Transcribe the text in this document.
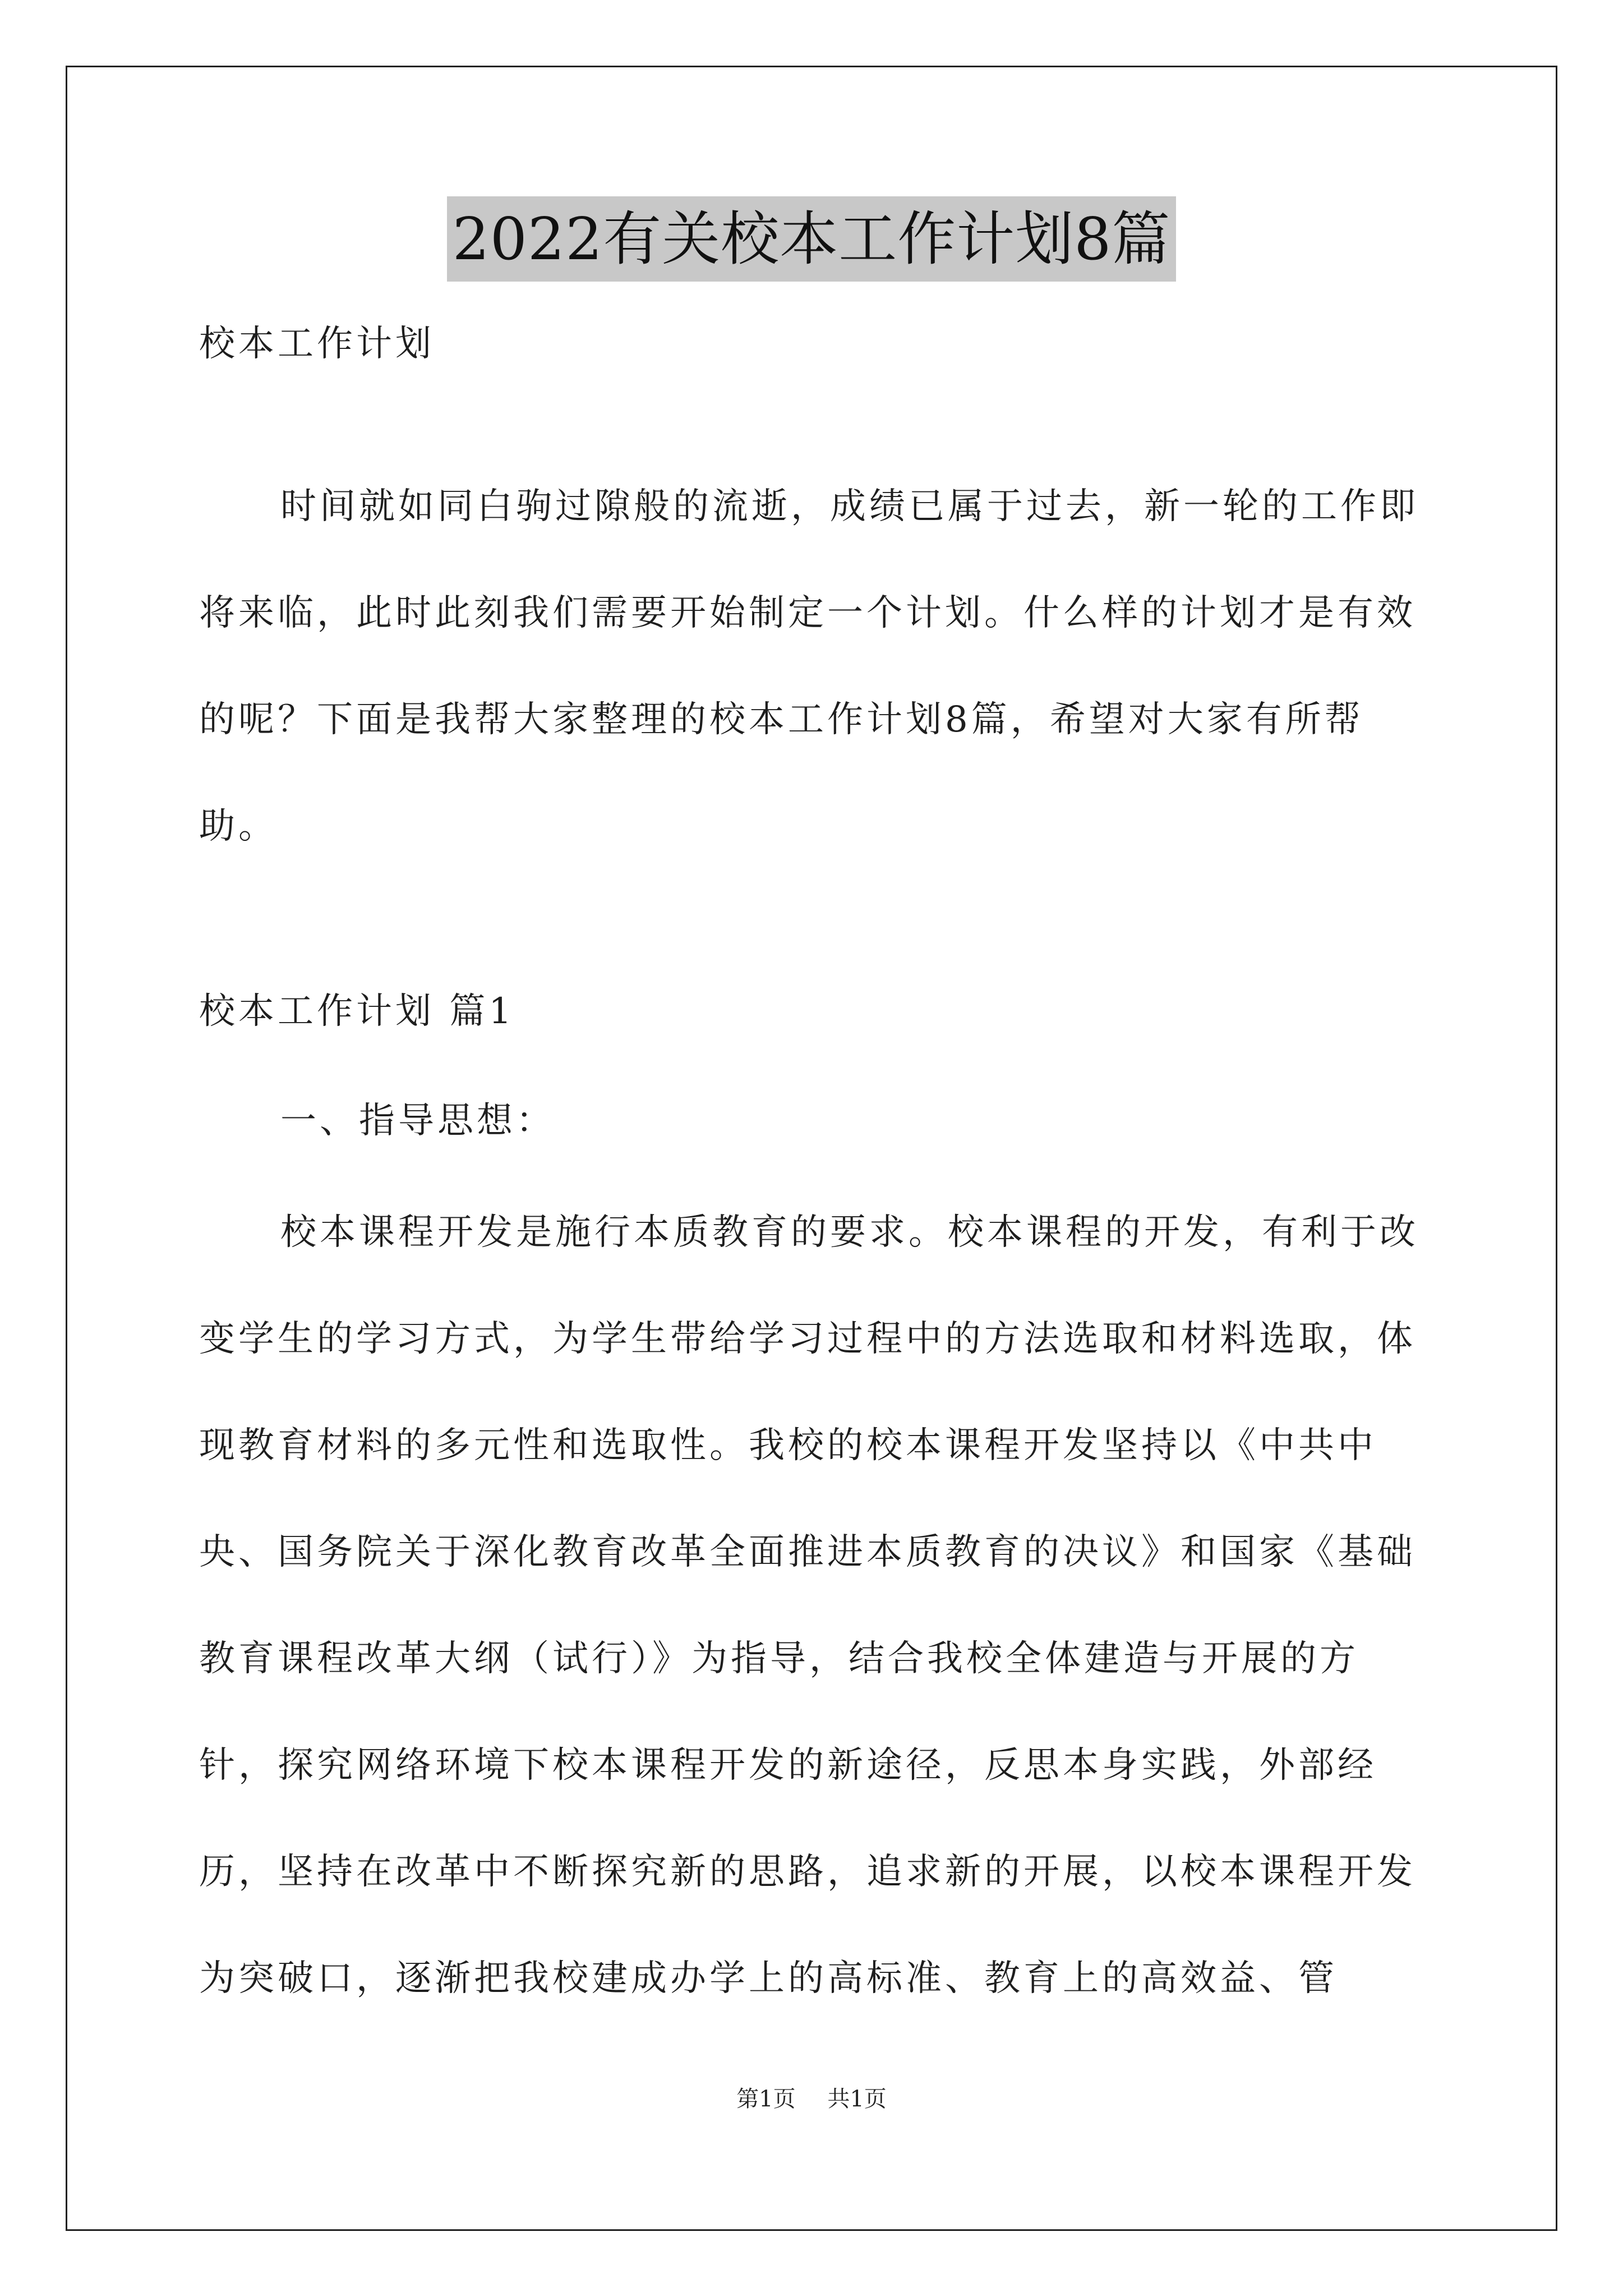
2022有关校本工作计划8篇
校本工作计划
时间就如同白驹过隙般的流逝，成绩已属于过去，新一轮的工作即将来临，此时此刻我们需要开始制定一个计划。什么样的计划才是有效的呢？下面是我帮大家整理的校本工作计划8篇，希望对大家有所帮助。
校本工作计划 篇1
一、指导思想：
校本课程开发是施行本质教育的要求。校本课程的开发，有利于改变学生的学习方式，为学生带给学习过程中的方法选取和材料选取，体现教育材料的多元性和选取性。我校的校本课程开发坚持以《中共中央、国务院关于深化教育改革全面推进本质教育的决议》和国家《基础教育课程改革大纲（试行）》为指导，结合我校全体建造与开展的方针，探究网络环境下校本课程开发的新途径，反思本身实践，外部经历，坚持在改革中不断探究新的思路，追求新的开展，以校本课程开发为突破口，逐渐把我校建成办学上的高标准、教育上的高效益、管
第1页 共1页
